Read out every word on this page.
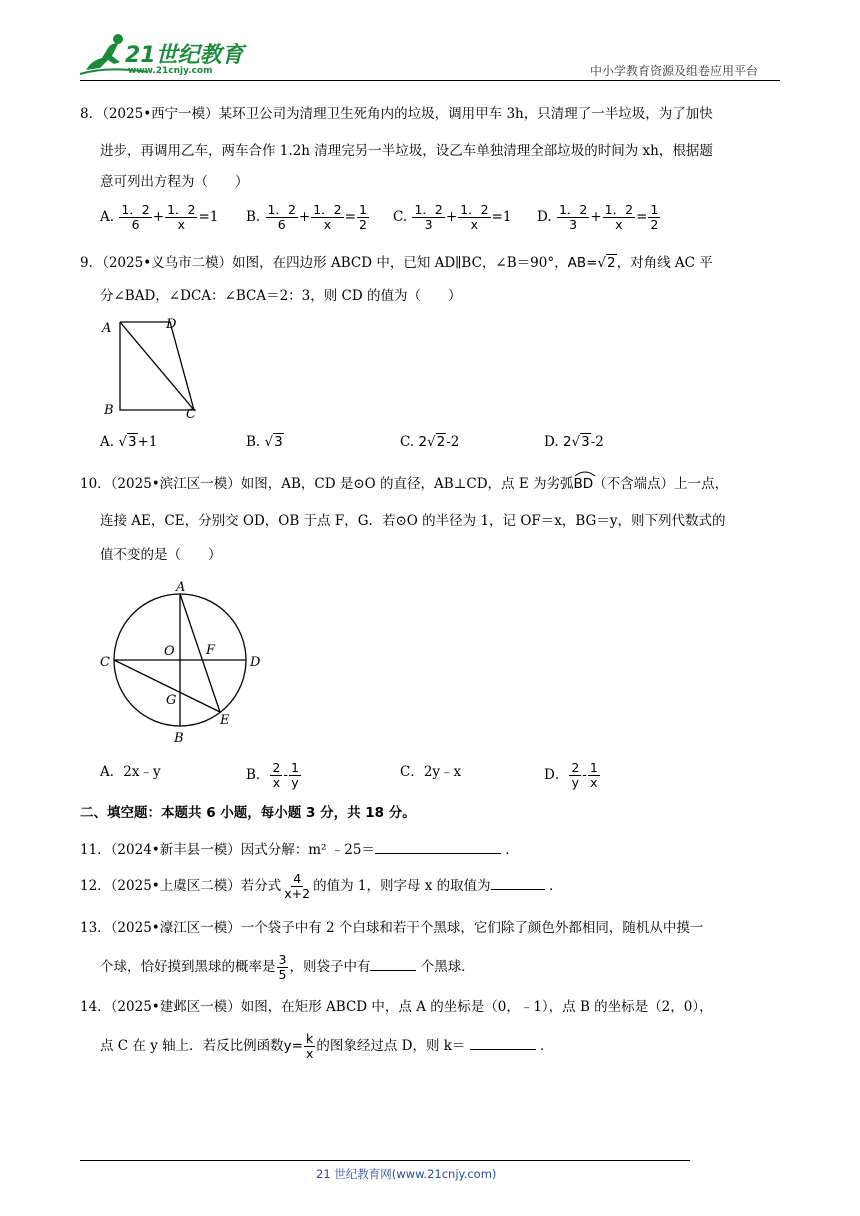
21世纪教育
www.21cnjy.com	中小学教育资源及组卷应用平台
8．（2025•西宁一模）某环卫公司为清理卫生死角内的垃圾，调用甲车 3h，只清理了一半垃圾，为了加快
进步，再调用乙车，两车合作 1.2h 清理完另一半垃圾，设乙车单独清理全部垃圾的时间为 xh，根据题
意可列出方程为（　　）
A. $\frac{1.2}{6} + \frac{1.2}{x} =1$ B. $\frac{1.2}{6} + \frac{1.2}{x} = \frac{1}{2} C$. $\frac{1.2}{3} + \frac{1.2}{x} =1$ D. $\frac{1.2}{3} + \frac{1.2}{x} = \frac{1}{2}$
9．（2025•义乌市二模）如图，在四边形 ABCD 中，已知 AD∥BC，∠B＝90°，AB=√2，对角线 AC 平
分∠BAD，∠DCA：∠BCA＝2：3，则 CD 的值为（　　）
A	D
B	C
A. √3+1	B. √3	C. 2√2-2	D. 2√3-2
10．（2025•滨江区一模）如图，AB，CD 是⊙O 的直径，AB⊥CD，点 E 为劣弧
BD（不含端点）上一点，
连接 AE，CE，分别交 OD，OB 于点 F，G．若⊙O 的半径为 1，记 OF＝x，BG＝y，则下列代数式的
值不变的是（　　）
A
C	D
O F
G
E
B
A．2x﹣y	B． $\frac{2}{x} - \frac{1}{y}$	C．2y﹣x	D． $\frac{2}{y} - \frac{1}{x}$
二、填空题：本题共 6 小题，每小题 3 分，共 18 分。
11．（2024•新丰县一模）因式分解：m² ﹣25＝	．
12．（2025•上虞区二模）若分式 $\frac{4}{x+2}$ 的值为 1，则字母 x 的取值为	．
13．（2025•濠江区一模）一个袋子中有 2 个白球和若干个黑球，它们除了颜色外都相同，随机从中摸一
个球，恰好摸到黑球的概率是 $\frac{3}{5}$ ，则袋子中有	个黑球．
14．（2025•建邺区一模）如图，在矩形 ABCD 中，点 A 的坐标是（0，﹣1），点 B 的坐标是（2，0），
点 C 在 y 轴上．若反比例函数$y= \frac{k}{x}$ 的图象经过点 D，则 k＝	．
21 世纪教育网(www.21cnjy.com)
